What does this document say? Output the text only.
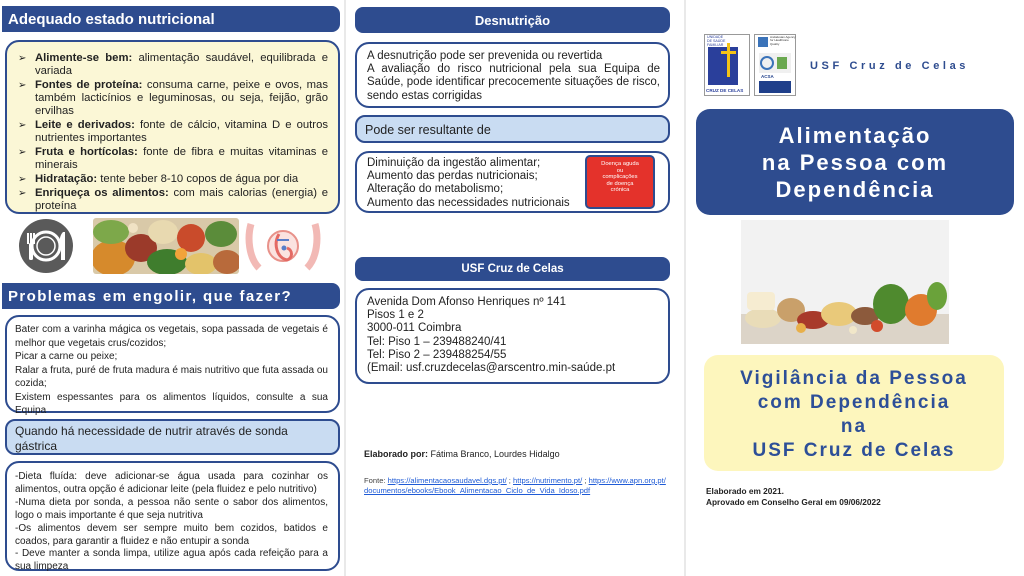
Adequado estado nutricional
➢ Alimente-se bem: alimentação saudável, equilibrada e variada
➢ Fontes de proteína: consuma carne, peixe e ovos, mas também lacticínios e leguminosas, ou seja, feijão, grão ervilhas
➢ Leite e derivados: fonte de cálcio, vitamina D e outros nutrientes importantes
➢ Fruta e hortícolas: fonte de fibra e muitas vitaminas e minerais
➢ Hidratação: tente beber 8-10 copos de água por dia
➢ Enriqueça os alimentos: com mais calorias (energia) e proteína
Problemas em engolir, que fazer?
Bater com a varinha mágica os vegetais, sopa passada de vegetais é melhor que vegetais crus/cozidos;
Picar a carne ou peixe;
Ralar a fruta, puré de fruta madura é mais nutritivo que futa assada ou cozida;
Existem espessantes para os alimentos líquidos, consulte a sua Equipa
Quando há necessidade de nutrir através de sonda gástrica
-Dieta fluída: deve adicionar-se água usada para cozinhar os alimentos, outra opção é adicionar leite (pela fluidez e pelo nutritivo)
-Numa dieta por sonda, a pessoa não sente o sabor dos alimentos, logo o mais importante é que seja nutritiva
-Os alimentos devem ser sempre muito bem cozidos, batidos e coados, para garantir a fluidez e não entupir a sonda
- Deve manter a sonda limpa, utilize agua após cada refeição para a sua limpeza
Desnutrição
A desnutrição pode ser prevenida ou revertida
A avaliação do risco nutricional pela sua Equipa de Saúde, pode identificar precocemente situações de risco, sendo estas corrigidas
Pode ser resultante de
Diminuição da ingestão alimentar;
Aumento das perdas nutricionais;
Alteração do metabolismo;
Aumento das necessidades nutricionais
Doença aguda
ou
complicações
de doença
crónica
USF Cruz de Celas
Avenida Dom Afonso Henriques nº 141
Pisos 1 e 2
3000-011 Coimbra
Tel: Piso 1 – 239488240/41
Tel: Piso 2 – 239488254/55
(Email: usf.cruzdecelas@arscentro.min-saúde.pt
Elaborado por: Fátima Branco, Lourdes Hidalgo
Fonte: https://alimentacaosaudavel.dgs.pt/ ; https://nutrimento.pt/ ; https://www.apn.org.pt/documentos/ebooks/Ebook_Alimentacao_Ciclo_de_Vida_Idoso.pdf
UNIDADE
DE SAÚDE
FAMILIAR
CRUZ DE CELAS
Andalusian Agency
for Healthcare Quality
ACSA
USF Cruz de Celas
Alimentação
na Pessoa com
Dependência
Vigilância da Pessoa
com Dependência
na
USF Cruz de Celas
Elaborado em 2021.
Aprovado em Conselho Geral em 09/06/2022
